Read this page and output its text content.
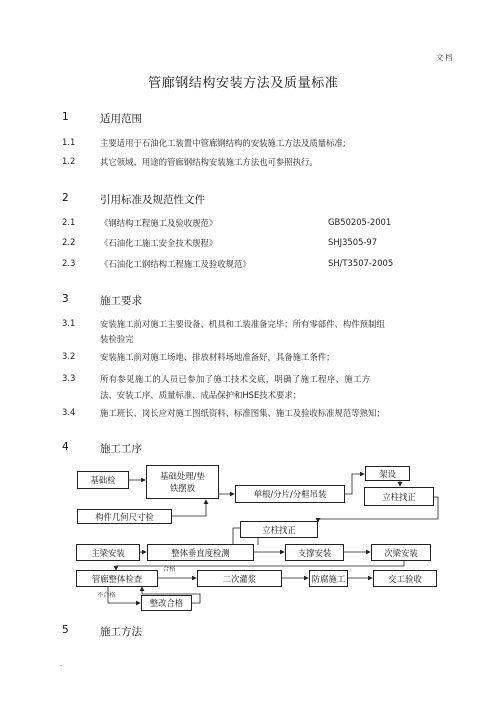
文档
管廊钢结构安装方法及质量标准
1	适用范围
1.1	主要适用于石油化工装置中管廊钢结构的安装施工方法及质量标准;
1.2	其它领域、用途的管廊钢结构安装施工方法也可参照执行。
2	引用标准及规范性文件
2.1	《钢结构工程施工及验收规范》	GB50205-2001
2.2	《石油化工施工安全技术规程》	SHJ3505-97
2.3	《石油化工钢结构工程施工及验收规范》	SH/T3507-2005
3	施工要求
3.1	安装施工前对施工主要设备、机具和工装准备完毕；所有零部件、构件预制组
装检验完
3.2	安装施工前对施工场地、排放材料场地准备好，具备施工条件；
3.3	所有参见施工的人员已参加了施工技术交底，明确了施工程序、施工方
法、安装工序、质量标准、成品保护和HSE技术要求；
3.4	施工班长、岗长应对施工图纸资料、标准图集、施工及验收标准规范等熟知；
4	施工工序
基础检	基础处理/垫
铁摆放
构件几何尺寸检
单根/分片/分框吊装
架设
立柱找正
立柱找正
主梁安装	整体垂直度检测	支撑安装	次梁安装
管廊整体检查	二次灌浆	防腐施工	交工验收
整改合格
合格
不合格
5	施工方法
.
